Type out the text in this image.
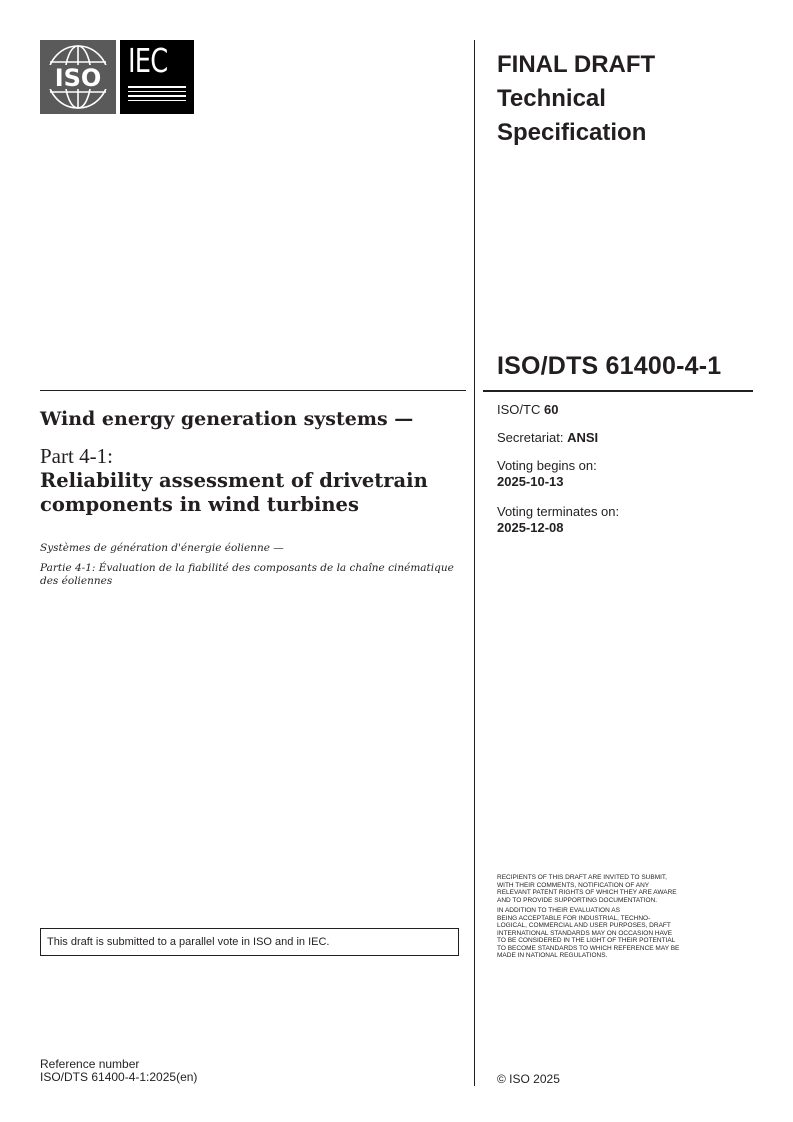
ISO IEC	FINAL DRAFT
Technical
Specification
ISO/DTS 61400-4-1
ISO/TC 60
Secretariat: ANSI
Voting begins on:
2025-10-13
Voting terminates on:
2025-12-08
Wind energy generation systems —
Part 4-1:
Reliability assessment of drivetrain components in wind turbines
Systèmes de génération d'énergie éolienne —
Partie 4-1: Évaluation de la fiabilité des composants de la chaîne cinématique des éoliennes
This draft is submitted to a parallel vote in ISO and in IEC.
RECIPIENTS OF THIS DRAFT ARE INVITED TO SUBMIT,
WITH THEIR COMMENTS, NOTIFICATION OF ANY
RELEVANT PATENT RIGHTS OF WHICH THEY ARE AWARE
AND TO PROVIDE SUPPORTING DOCUMENTATION.
IN ADDITION TO THEIR EVALUATION AS
BEING ACCEPTABLE FOR INDUSTRIAL, TECHNO-
LOGICAL, COMMERCIAL AND USER PURPOSES, DRAFT
INTERNATIONAL STANDARDS MAY ON OCCASION HAVE
TO BE CONSIDERED IN THE LIGHT OF THEIR POTENTIAL
TO BECOME STANDARDS TO WHICH REFERENCE MAY BE
MADE IN NATIONAL REGULATIONS.
Reference number
ISO/DTS 61400-4-1:2025(en)	© ISO 2025
